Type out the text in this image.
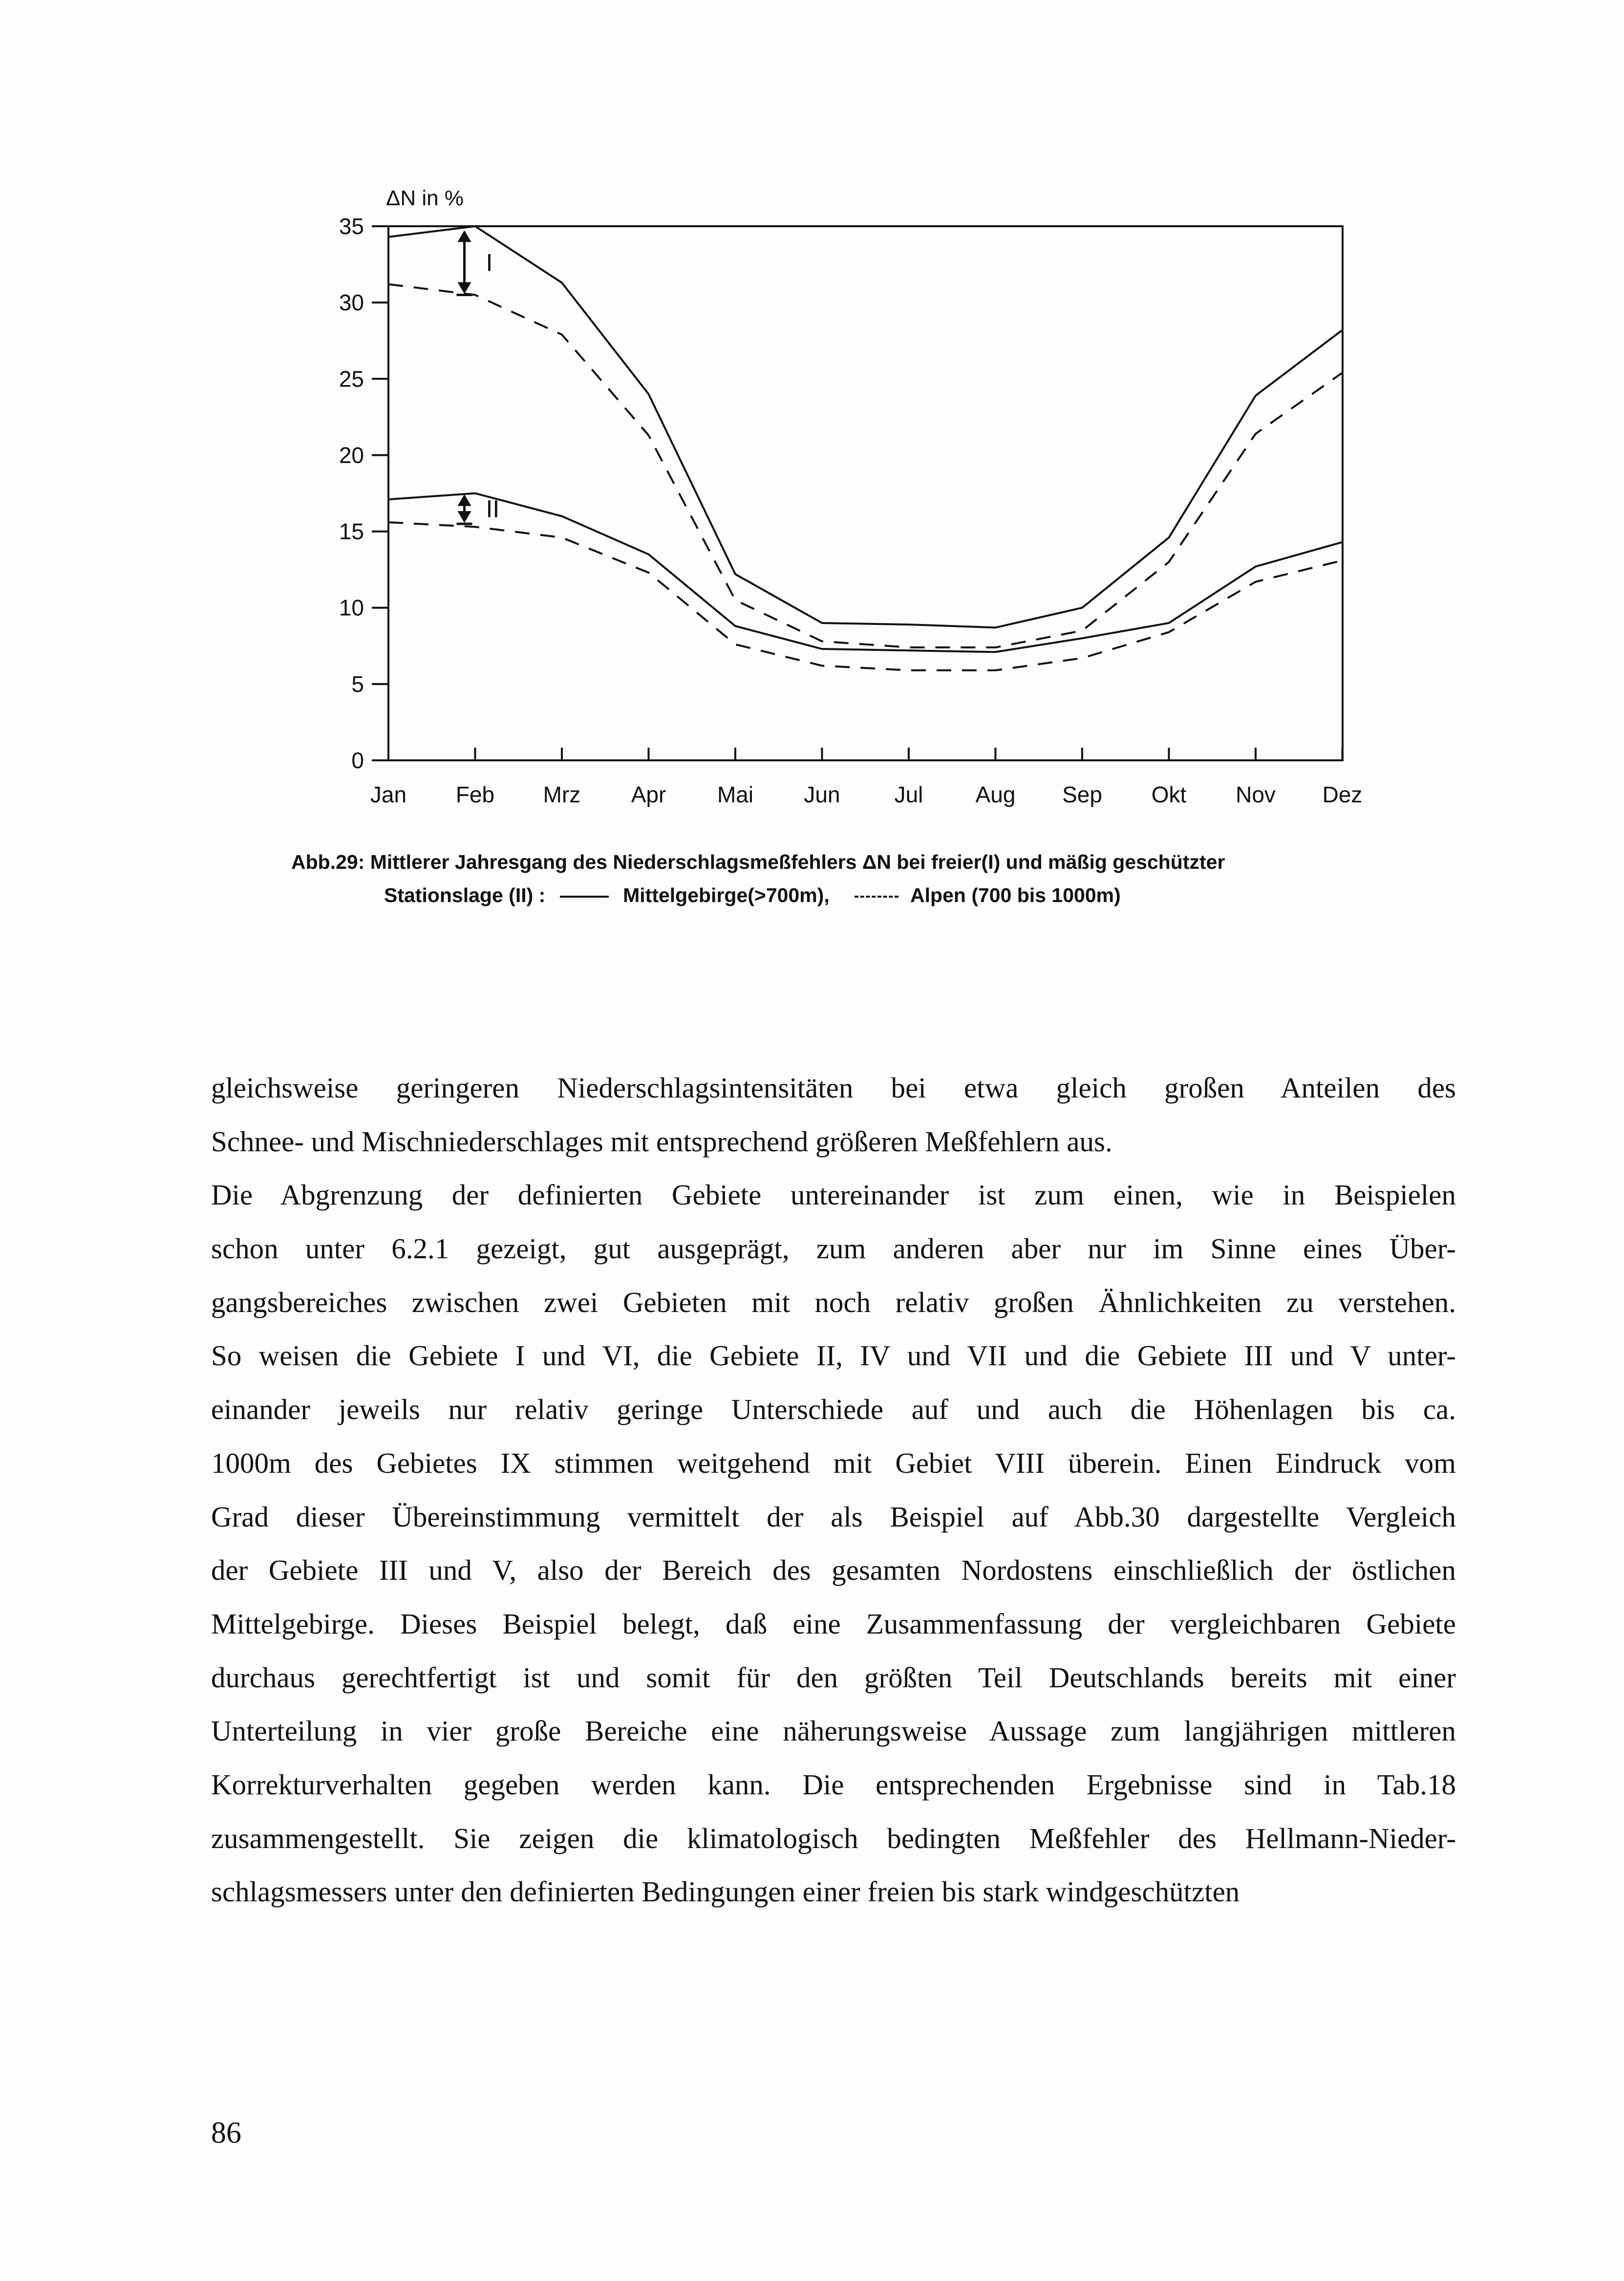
0
5
10
15
20
25
30
35
Jan Feb Mrz Apr Mai Jun Jul Aug Sep Okt Nov Dez
I
II
ΔN in %
Abb.29: Mittlerer Jahresgang des Niederschlagsmeßfehlers ΔN bei freier(I) und mäßig geschützter
Stationslage (II) :	Mittelgebirge(>700m),	Alpen (700 bis 1000m)
gleichsweise geringeren Niederschlagsintensitäten bei etwa gleich großen Anteilen des
Schnee- und Mischniederschlages mit entsprechend größeren Meßfehlern aus.
Die Abgrenzung der definierten Gebiete untereinander ist zum einen, wie in Beispielen
schon unter 6.2.1 gezeigt, gut ausgeprägt, zum anderen aber nur im Sinne eines Über-
gangsbereiches zwischen zwei Gebieten mit noch relativ großen Ähnlichkeiten zu verstehen.
So weisen die Gebiete I und VI, die Gebiete II, IV und VII und die Gebiete III und V unter-
einander jeweils nur relativ geringe Unterschiede auf und auch die Höhenlagen bis ca.
1000m des Gebietes IX stimmen weitgehend mit Gebiet VIII überein. Einen Eindruck vom
Grad dieser Übereinstimmung vermittelt der als Beispiel auf Abb.30 dargestellte Vergleich
der Gebiete III und V, also der Bereich des gesamten Nordostens einschließlich der östlichen
Mittelgebirge. Dieses Beispiel belegt, daß eine Zusammenfassung der vergleichbaren Gebiete
durchaus gerechtfertigt ist und somit für den größten Teil Deutschlands bereits mit einer
Unterteilung in vier große Bereiche eine näherungsweise Aussage zum langjährigen mittleren
Korrekturverhalten gegeben werden kann. Die entsprechenden Ergebnisse sind in Tab.18
zusammengestellt. Sie zeigen die klimatologisch bedingten Meßfehler des Hellmann-Nieder-
schlagsmessers unter den definierten Bedingungen einer freien bis stark windgeschützten
86
